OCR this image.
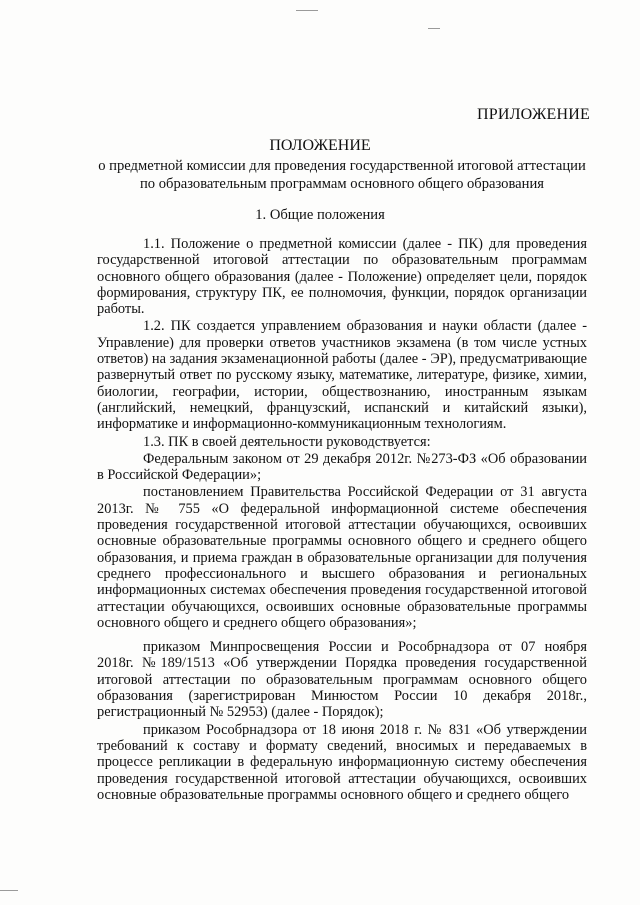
ПРИЛОЖЕНИЕ
ПОЛОЖЕНИЕ
о предметной комиссии для проведения государственной итоговой аттестации по образовательным программам основного общего образования
1. Общие положения

1.1. Положение о предметной комиссии (далее - ПК) для проведения государственной итоговой аттестации по образовательным программам основного общего образования (далее - Положение) определяет цели, порядок формирования, структуру ПК, ее полномочия, функции, порядок организации работы.

1.2. ПК создается управлением образования и науки области (далее - Управление) для проверки ответов участников экзамена (в том числе устных ответов) на задания экзаменационной работы (далее - ЭР), предусматривающие развернутый ответ по русскому языку, математике, литературе, физике, химии, биологии, географии, истории, обществознанию, иностранным языкам (английский, немецкий, французский, испанский и китайский языки), информатике и информационно-коммуникационным технологиям.

1.3. ПК в своей деятельности руководствуется:

Федеральным законом от 29 декабря 2012г. №273-ФЗ «Об образовании в Российской Федерации»;

постановлением Правительства Российской Федерации от 31 августа 2013г. № 755 «О федеральной информационной системе обеспечения проведения государственной итоговой аттестации обучающихся, освоивших основные образовательные программы основного общего и среднего общего образования, и приема граждан в образовательные организации для получения среднего профессионального и высшего образования и региональных информационных системах обеспечения проведения государственной итоговой аттестации обучающихся, освоивших основные образовательные программы основного общего и среднего общего образования»;

приказом Минпросвещения России и Рособрнадзора от 07 ноября 2018г. №189/1513 «Об утверждении Порядка проведения государственной итоговой аттестации по образовательным программам основного общего образования (зарегистрирован Минюстом России 10 декабря 2018г., регистрационный № 52953) (далее - Порядок);

приказом Рособрнадзора от 18 июня 2018 г. № 831 «Об утверждении требований к составу и формату сведений, вносимых и передаваемых в процессе репликации в федеральную информационную систему обеспечения проведения государственной итоговой аттестации обучающихся, освоивших основные образовательные программы основного общего и среднего общего
